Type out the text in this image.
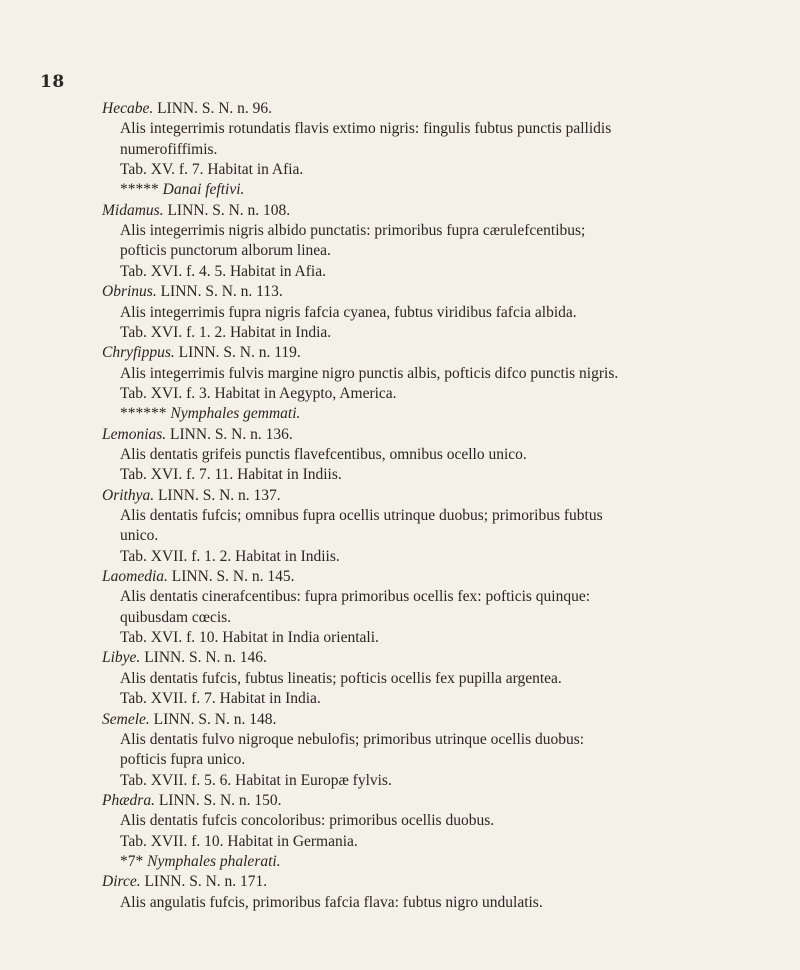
18
Hecabe. LINN. S. N. n. 96.
Alis integerrimis rotundatis flavis extimo nigris: fingulis fubtus punctis pallidis
numerofiffimis.
Tab. XV. f. 7. Habitat in Afia.
***** Danai feftivi.
Midamus. LINN. S. N. n. 108.
Alis integerrimis nigris albido punctatis: primoribus fupra cærulefcentibus;
pofticis punctorum alborum linea.
Tab. XVI. f. 4. 5. Habitat in Afia.
Obrinus. LINN. S. N. n. 113.
Alis integerrimis fupra nigris fafcia cyanea, fubtus viridibus fafcia albida.
Tab. XVI. f. 1. 2. Habitat in India.
Chryfippus. LINN. S. N. n. 119.
Alis integerrimis fulvis margine nigro punctis albis, pofticis difco punctis nigris.
Tab. XVI. f. 3. Habitat in Aegypto, America.
****** Nymphales gemmati.
Lemonias. LINN. S. N. n. 136.
Alis dentatis grifeis punctis flavefcentibus, omnibus ocello unico.
Tab. XVI. f. 7. 11. Habitat in Indiis.
Orithya. LINN. S. N. n. 137.
Alis dentatis fufcis; omnibus fupra ocellis utrinque duobus; primoribus fubtus
unico.
Tab. XVII. f. 1. 2. Habitat in Indiis.
Laomedia. LINN. S. N. n. 145.
Alis dentatis cinerafcentibus: fupra primoribus ocellis fex: pofticis quinque:
quibusdam cœcis.
Tab. XVI. f. 10. Habitat in India orientali.
Libye. LINN. S. N. n. 146.
Alis dentatis fufcis, fubtus lineatis; pofticis ocellis fex pupilla argentea.
Tab. XVII. f. 7. Habitat in India.
Semele. LINN. S. N. n. 148.
Alis dentatis fulvo nigroque nebulofis; primoribus utrinque ocellis duobus:
pofticis fupra unico.
Tab. XVII. f. 5. 6. Habitat in Europæ fylvis.
Phædra. LINN. S. N. n. 150.
Alis dentatis fufcis concoloribus: primoribus ocellis duobus.
Tab. XVII. f. 10. Habitat in Germania.
*7* Nymphales phalerati.
Dirce. LINN. S. N. n. 171.
Alis angulatis fufcis, primoribus fafcia flava: fubtus nigro undulatis.
